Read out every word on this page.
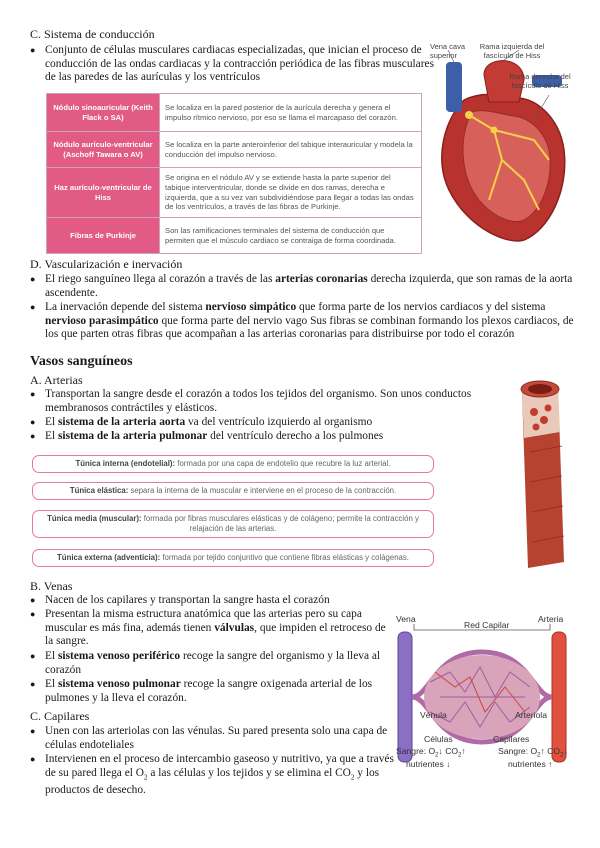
C. Sistema de conducción
● Conjunto de células musculares cardiacas especializadas, que inician el proceso de conducción de las ondas cardiacas y la contracción periódica de las fibras musculares de las paredes de las aurículas y los ventrículos
Nódulo sinoauricular (Keith Flack o SA)	Se localiza en la pared posterior de la aurícula derecha y genera el impulso rítmico nervioso, por eso se llama el marcapaso del corazón.
Nódulo aurículo-ventricular (Aschoff Tawara o AV)	Se localiza en la parte anteroinferior del tabique interauricular y modela la conducción del impulso nervioso.
Haz aurículo-ventricular de Hiss	Se origina en el nódulo AV y se extiende hasta la parte superior del tabique interventricular, donde se divide en dos ramas, derecha e izquierda, que a su vez van subdividiéndose para llegar a todas las ondas de los ventrículos, a través de las fibras de Purkinje.
Fibras de Purkinje	Son las ramificaciones terminales del sistema de conducción que permiten que el músculo cardiaco se contraiga de forma coordinada.
Vena cava superior
Rama izquierda del fascículo de Hiss
Rama derecha del fascículo de Hiss
D. Vascularización e inervación
● El riego sanguíneo llega al corazón a través de las arterias coronarias derecha izquierda, que son ramas de la aorta ascendente.
● La inervación depende del sistema nervioso simpático que forma parte de los nervios cardiacos y del sistema nervioso parasimpático que forma parte del nervio vago Sus fibras se combinan formando los plexos cardiacos, de los que parten otras fibras que acompañan a las arterias coronarias para distribuirse por todo el corazón
Vasos sanguíneos
A. Arterias
● Transportan la sangre desde el corazón a todos los tejidos del organismo. Son unos conductos membranosos contráctiles y elásticos.
● El sistema de la arteria aorta va del ventrículo izquierdo al organismo
● El sistema de la arteria pulmonar del ventrículo derecho a los pulmones
Túnica interna (endotelial): formada por una capa de endotelio que recubre la luz arterial.
Túnica elástica: separa la interna de la muscular e interviene en el proceso de la contracción.
Túnica media (muscular): formada por fibras musculares elásticas y de colágeno; permite la contracción y relajación de las arterias.
Túnica externa (adventicia): formada por tejido conjuntivo que contiene fibras elásticas y colágenas.
B. Venas
● Nacen de los capilares y transportan la sangre hasta el corazón
● Presentan la misma estructura anatómica que las arterias pero su capa muscular es más fina, además tienen válvulas, que impiden el retroceso de la sangre.
● El sistema venoso periférico recoge la sangre del organismo y la lleva al corazón
● El sistema venoso pulmonar recoge la sangre oxigenada arterial de los pulmones y la lleva el corazón.
C. Capilares
● Unen con las arteriolas con las vénulas. Su pared presenta solo una capa de células endoteliales
● Intervienen en el proceso de intercambio gaseoso y nutritivo, ya que a través de su pared llega el $O_2$ a las células y los tejidos y se elimina el $CO_2$ y los productos de desecho.
Vena
Red Capilar
Arteria
Vénula	Arteriola
Células	Capilares
Sangre: $O_2↓$ $CO_2↑$
nutrientes ↓
Sangre: $O_2↑$ $CO_2↓$
nutrientes ↑
